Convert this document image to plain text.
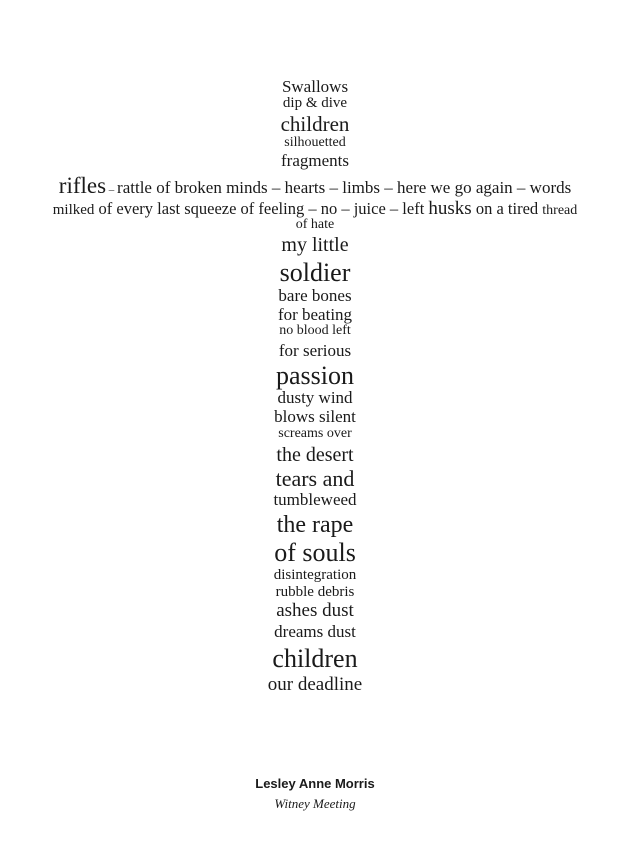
Swallows
dip & dive
children
silhouetted
fragments
rifles – rattle of broken minds – hearts – limbs – here we go again – words
milked of every last squeeze of feeling – no – juice – left husks on a tired thread
of hate
my little
soldier
bare bones
for beating
no blood left
for serious
passion
dusty wind
blows silent
screams over
the desert
tears and
tumbleweed
the rape
of souls
disintegration
rubble debris
ashes dust
dreams dust
children
our deadline
Lesley Anne Morris
Witney Meeting
